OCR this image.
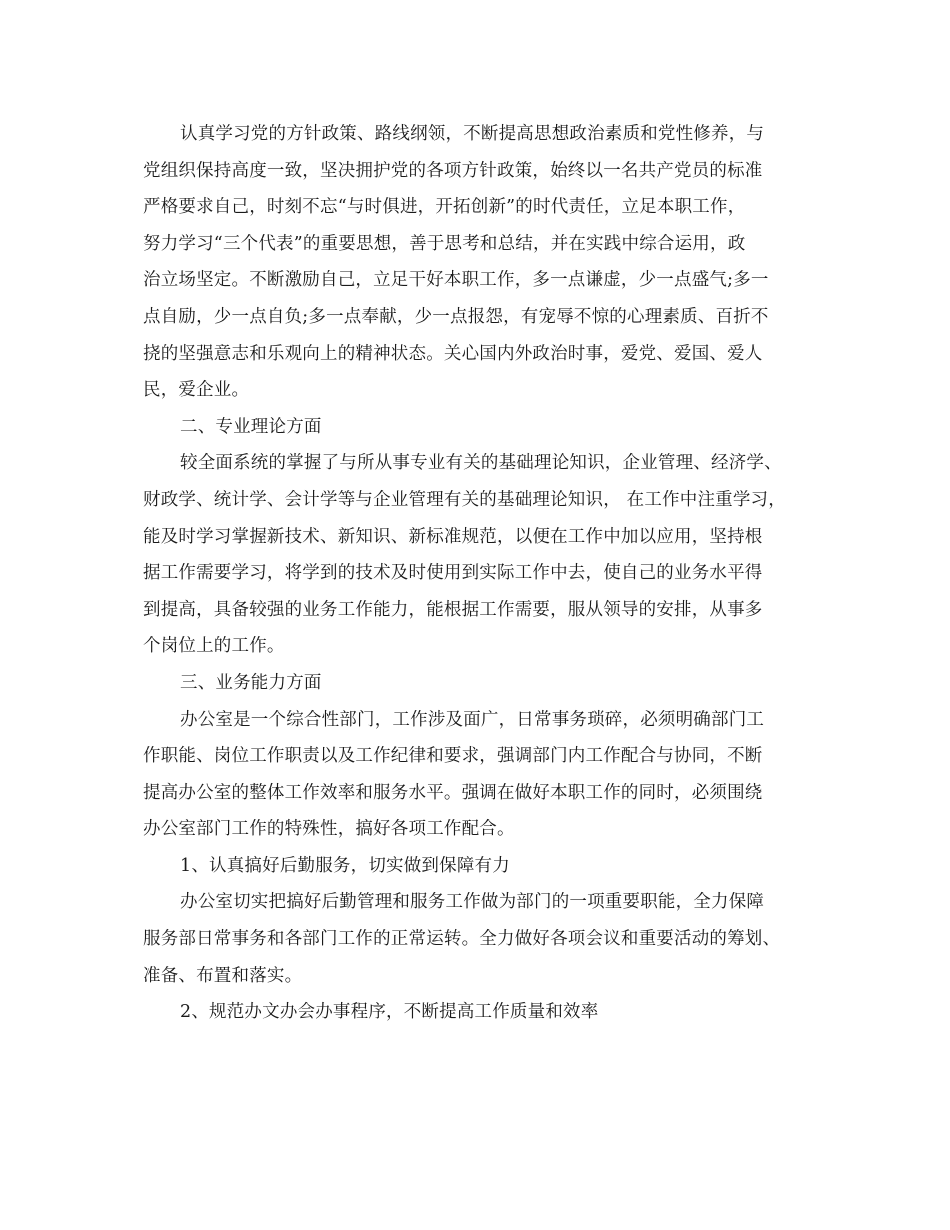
认真学习党的方针政策、路线纲领，不断提高思想政治素质和党性修养，与
党组织保持高度一致，坚决拥护党的各项方针政策，始终以一名共产党员的标准
严格要求自己，时刻不忘“与时俱进，开拓创新”的时代责任，立足本职工作，
努力学习“三个代表”的重要思想，善于思考和总结，并在实践中综合运用，政
治立场坚定。不断激励自己，立足干好本职工作，多一点谦虚，少一点盛气;多一
点自励，少一点自负;多一点奉献，少一点报怨，有宠辱不惊的心理素质、百折不
挠的坚强意志和乐观向上的精神状态。关心国内外政治时事，爱党、爱国、爱人
民，爱企业。
二、专业理论方面
较全面系统的掌握了与所从事专业有关的基础理论知识，企业管理、经济学、
财政学、统计学、会计学等与企业管理有关的基础理论知识， 在工作中注重学习，
能及时学习掌握新技术、新知识、新标准规范，以便在工作中加以应用，坚持根
据工作需要学习，将学到的技术及时使用到实际工作中去，使自己的业务水平得
到提高，具备较强的业务工作能力，能根据工作需要，服从领导的安排，从事多
个岗位上的工作。
三、业务能力方面
办公室是一个综合性部门，工作涉及面广，日常事务琐碎，必须明确部门工
作职能、岗位工作职责以及工作纪律和要求，强调部门内工作配合与协同，不断
提高办公室的整体工作效率和服务水平。强调在做好本职工作的同时，必须围绕
办公室部门工作的特殊性，搞好各项工作配合。
1、认真搞好后勤服务，切实做到保障有力
办公室切实把搞好后勤管理和服务工作做为部门的一项重要职能，全力保障
服务部日常事务和各部门工作的正常运转。全力做好各项会议和重要活动的筹划、
准备、布置和落实。
2、规范办文办会办事程序，不断提高工作质量和效率
